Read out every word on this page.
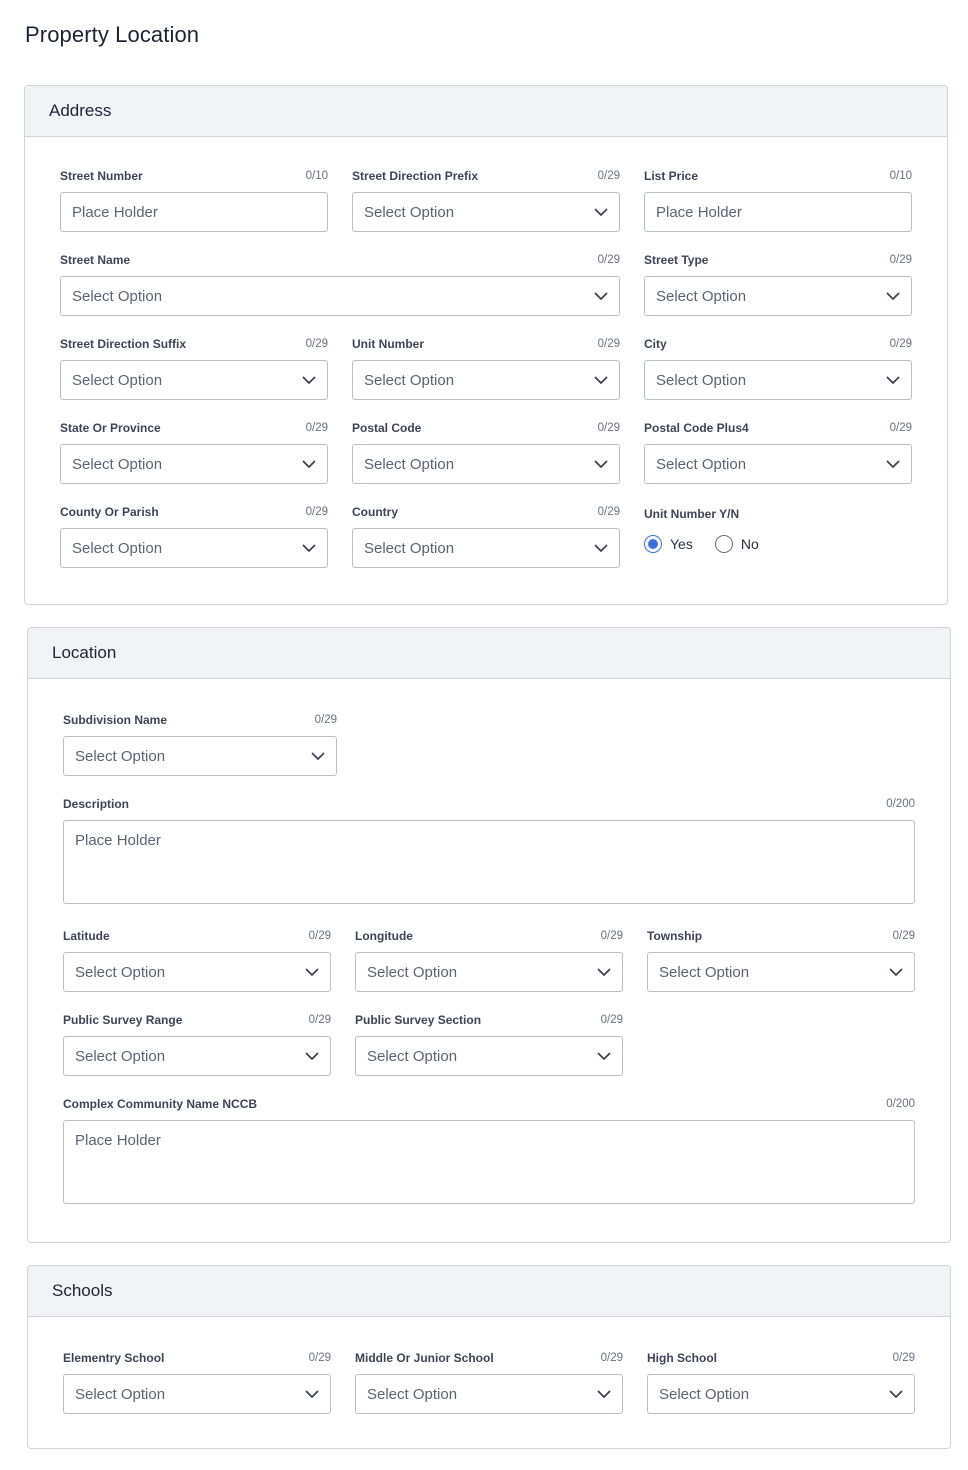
Property Location
Address
Street Number	0/10
Place Holder
Street Direction Prefix	0/29
Select Option
List Price	0/10
Place Holder
Street Name	0/29
Select Option
Street Type	0/29
Select Option
Street Direction Suffix	0/29
Select Option
Unit Number	0/29
Select Option
City	0/29
Select Option
State Or Province	0/29
Select Option
Postal Code	0/29
Select Option
Postal Code Plus4	0/29
Select Option
County Or Parish	0/29
Select Option
Country	0/29
Select Option
Unit Number Y/N
Yes	No
Location
Subdivision Name	0/29
Select Option
Description	0/200
Place Holder
Latitude	0/29
Select Option
Longitude	0/29
Select Option
Township	0/29
Select Option
Public Survey Range	0/29
Select Option
Public Survey Section	0/29
Select Option
Complex Community Name NCCB	0/200
Place Holder
Schools
Elementry School	0/29
Select Option
Middle Or Junior School	0/29
Select Option
High School	0/29
Select Option
